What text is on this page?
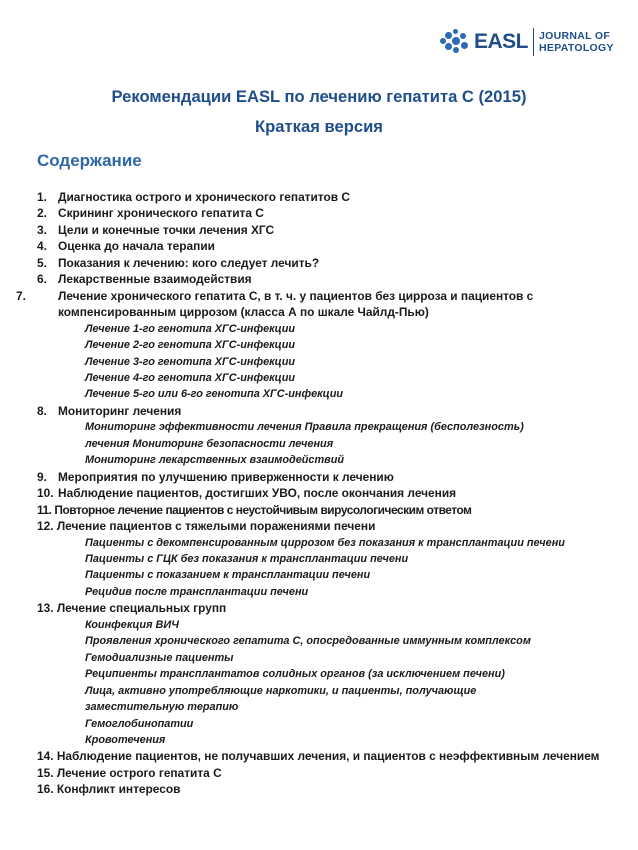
EASL JOURNAL OF
HEPATOLOGY
Рекомендации EASL по лечению гепатита С (2015)
Краткая версия
Содержание
1. Диагностика острого и хронического гепатитов С
2. Скрининг хронического гепатита С
3. Цели и конечные точки лечения ХГС
4. Оценка до начала терапии
5. Показания к лечению: кого следует лечить?
6. Лекарственные взаимодействия
7.	Лечение хронического гепатита С, в т. ч. у пациентов без цирроза и пациентов с компенсированным циррозом (класса А по шкале Чайлд-Пью)
Лечение 1-го генотипа ХГС-инфекции
Лечение 2-го генотипа ХГС-инфекции
Лечение 3-го генотипа ХГС-инфекции
Лечение 4-го генотипа ХГС-инфекции
Лечение 5-го или 6-го генотипа ХГС-инфекции
8. Мониторинг лечения
Мониторинг эффективности лечения Правила прекращения (бесполезность) лечения Мониторинг безопасности лечения
Мониторинг лекарственных взаимодействий
9. Мероприятия по улучшению приверженности к лечению
10. Наблюдение пациентов, достигших УВО, после окончания лечения
11. Повторное лечение пациентов с неустойчивым вирусологическим ответом
12. Лечение пациентов с тяжелыми поражениями печени
Пациенты с декомпенсированным циррозом без показания к трансплантации печени
Пациенты с ГЦК без показания к трансплантации печени
Пациенты с показанием к трансплантации печени
Рецидив после трансплантации печени
13. Лечение специальных групп
Коинфекция ВИЧ
Проявления хронического гепатита С, опосредованные иммунным комплексом
Гемодиализные пациенты
Реципиенты трансплантатов солидных органов (за исключением печени)
Лица, активно употребляющие наркотики, и пациенты, получающие заместительную терапию
Гемоглобинопатии
Кровотечения
14. Наблюдение пациентов, не получавших лечения, и пациентов с неэффективным лечением
15. Лечение острого гепатита С
16. Конфликт интересов
